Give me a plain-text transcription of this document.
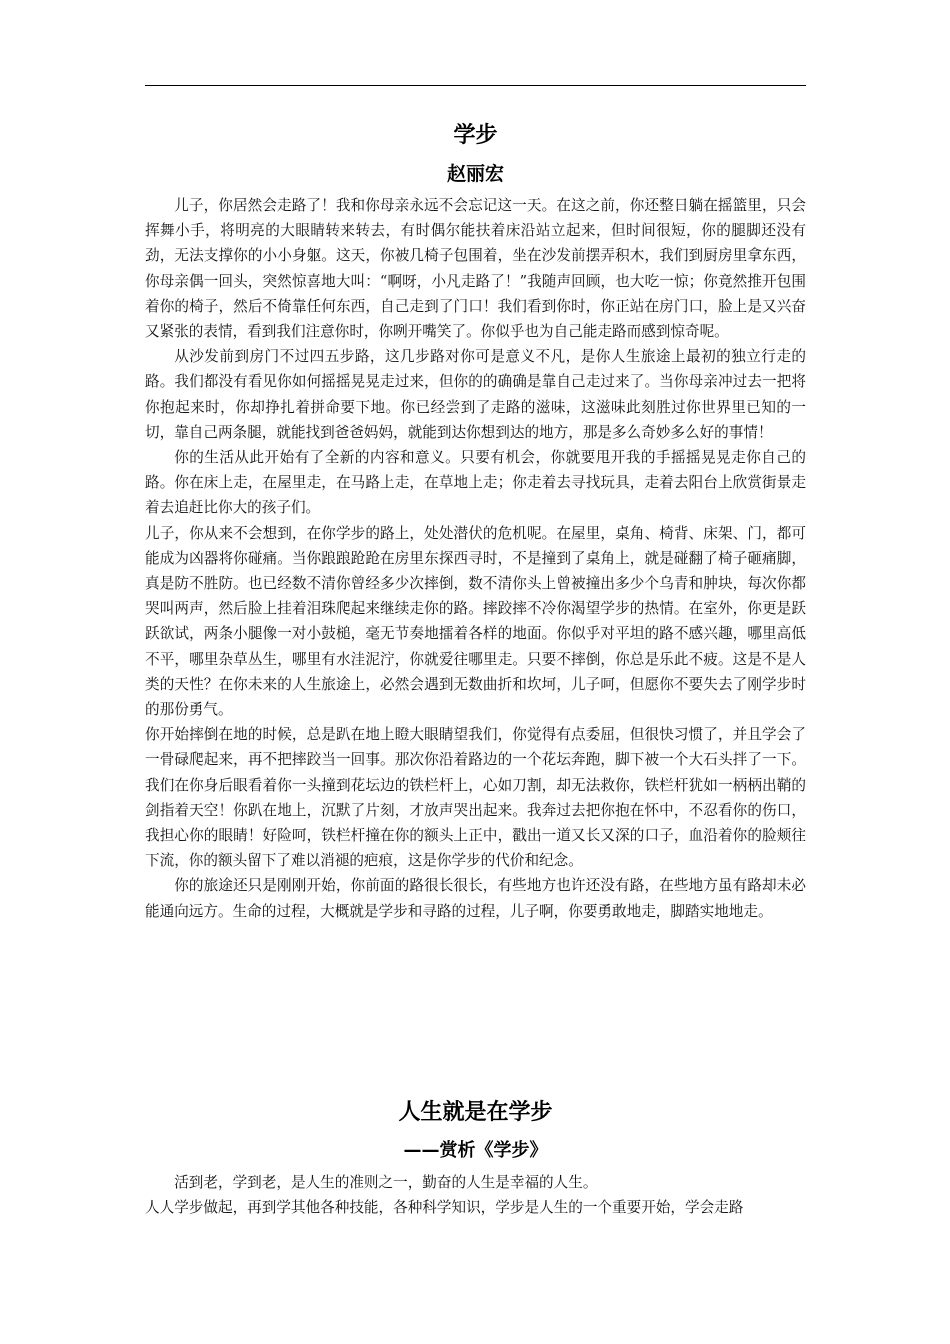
学步
赵丽宏

儿子，你居然会走路了！我和你母亲永远不会忘记这一天。在这之前，你还整日躺在摇篮里，只会挥舞小手，将明亮的大眼睛转来转去，有时偶尔能扶着床沿站立起来，但时间很短，你的腿脚还没有劲，无法支撑你的小小身躯。这天，你被几椅子包围着，坐在沙发前摆弄积木，我们到厨房里拿东西，你母亲偶一回头，突然惊喜地大叫：“啊呀，小凡走路了！”我随声回顾，也大吃一惊；你竟然推开包围着你的椅子，然后不倚靠任何东西，自己走到了门口！我们看到你时，你正站在房门口，脸上是又兴奋又紧张的表情，看到我们注意你时，你咧开嘴笑了。你似乎也为自己能走路而感到惊奇呢。

从沙发前到房门不过四五步路，这几步路对你可是意义不凡，是你人生旅途上最初的独立行走的路。我们都没有看见你如何摇摇晃晃走过来，但你的的确确是靠自己走过来了。当你母亲冲过去一把将你抱起来时，你却挣扎着拼命要下地。你已经尝到了走路的滋味，这滋味此刻胜过你世界里已知的一切，靠自己两条腿，就能找到爸爸妈妈，就能到达你想到达的地方，那是多么奇妙多么好的事情！

你的生活从此开始有了全新的内容和意义。只要有机会，你就要甩开我的手摇摇晃晃走你自己的路。你在床上走，在屋里走，在马路上走，在草地上走；你走着去寻找玩具，走着去阳台上欣赏街景走着去追赶比你大的孩子们。

儿子，你从来不会想到，在你学步的路上，处处潜伏的危机呢。在屋里，桌角、椅背、床架、门，都可能成为凶器将你碰痛。当你踉踉跄跄在房里东探西寻时，不是撞到了桌角上，就是碰翻了椅子砸痛脚，真是防不胜防。也已经数不清你曾经多少次摔倒，数不清你头上曾被撞出多少个乌青和肿块，每次你都哭叫两声，然后脸上挂着泪珠爬起来继续走你的路。摔跤摔不冷你渴望学步的热情。在室外，你更是跃跃欲试，两条小腿像一对小鼓槌，毫无节奏地擂着各样的地面。你似乎对平坦的路不感兴趣，哪里高低不平，哪里杂草丛生，哪里有水洼泥泞，你就爱往哪里走。只要不摔倒，你总是乐此不疲。这是不是人类的天性？在你未来的人生旅途上，必然会遇到无数曲折和坎坷，儿子呵，但愿你不要失去了刚学步时的那份勇气。

你开始摔倒在地的时候，总是趴在地上瞪大眼睛望我们，你觉得有点委屈，但很快习惯了，并且学会了一骨碌爬起来，再不把摔跤当一回事。那次你沿着路边的一个花坛奔跑，脚下被一个大石头拌了一下。我们在你身后眼看着你一头撞到花坛边的铁栏杆上，心如刀割，却无法救你，铁栏杆犹如一柄柄出鞘的剑指着天空！你趴在地上，沉默了片刻，才放声哭出起来。我奔过去把你抱在怀中，不忍看你的伤口，我担心你的眼睛！好险呵，铁栏杆撞在你的额头上正中，戳出一道又长又深的口子，血沿着你的脸颊往下流，你的额头留下了难以消褪的疤痕，这是你学步的代价和纪念。

你的旅途还只是刚刚开始，你前面的路很长很长，有些地方也许还没有路，在些地方虽有路却未必能通向远方。生命的过程，大概就是学步和寻路的过程，儿子啊，你要勇敢地走，脚踏实地地走。

人生就是在学步
——赏析《学步》

活到老，学到老，是人生的准则之一，勤奋的人生是幸福的人生。

人人学步做起，再到学其他各种技能，各种科学知识，学步是人生的一个重要开始，学会走路
